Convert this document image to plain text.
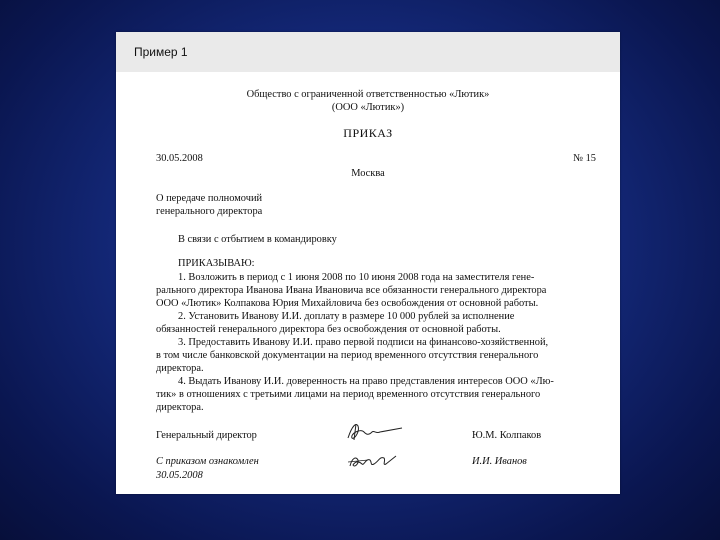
Пример 1
Общество с ограниченной ответственностью «Лютик»
(ООО «Лютик»)
ПРИКАЗ
30.05.2008	№ 15
Москва
О передаче полномочий
генерального директора
В связи с отбытием в командировку
ПРИКАЗЫВАЮ:
1. Возложить в период с 1 июня 2008 по 10 июня 2008 года на заместителя гене-
рального директора Иванова Ивана Ивановича все обязанности генерального директора
ООО «Лютик» Колпакова Юрия Михайловича без освобождения от основной работы.
2. Установить Иванову И.И. доплату в размере 10 000 рублей за исполнение
обязанностей генерального директора без освобождения от основной работы.
3. Предоставить Иванову И.И. право первой подписи на финансово-хозяйственной,
в том числе банковской документации на период временного отсутствия генерального
директора.
4. Выдать Иванову И.И. доверенность на право представления интересов ООО «Лю-
тик» в отношениях с третьими лицами на период временного отсутствия генерального
директора.
Генеральный директор	Ю.М. Колпаков
С приказом ознакомлен	И.И. Иванов
30.05.2008
